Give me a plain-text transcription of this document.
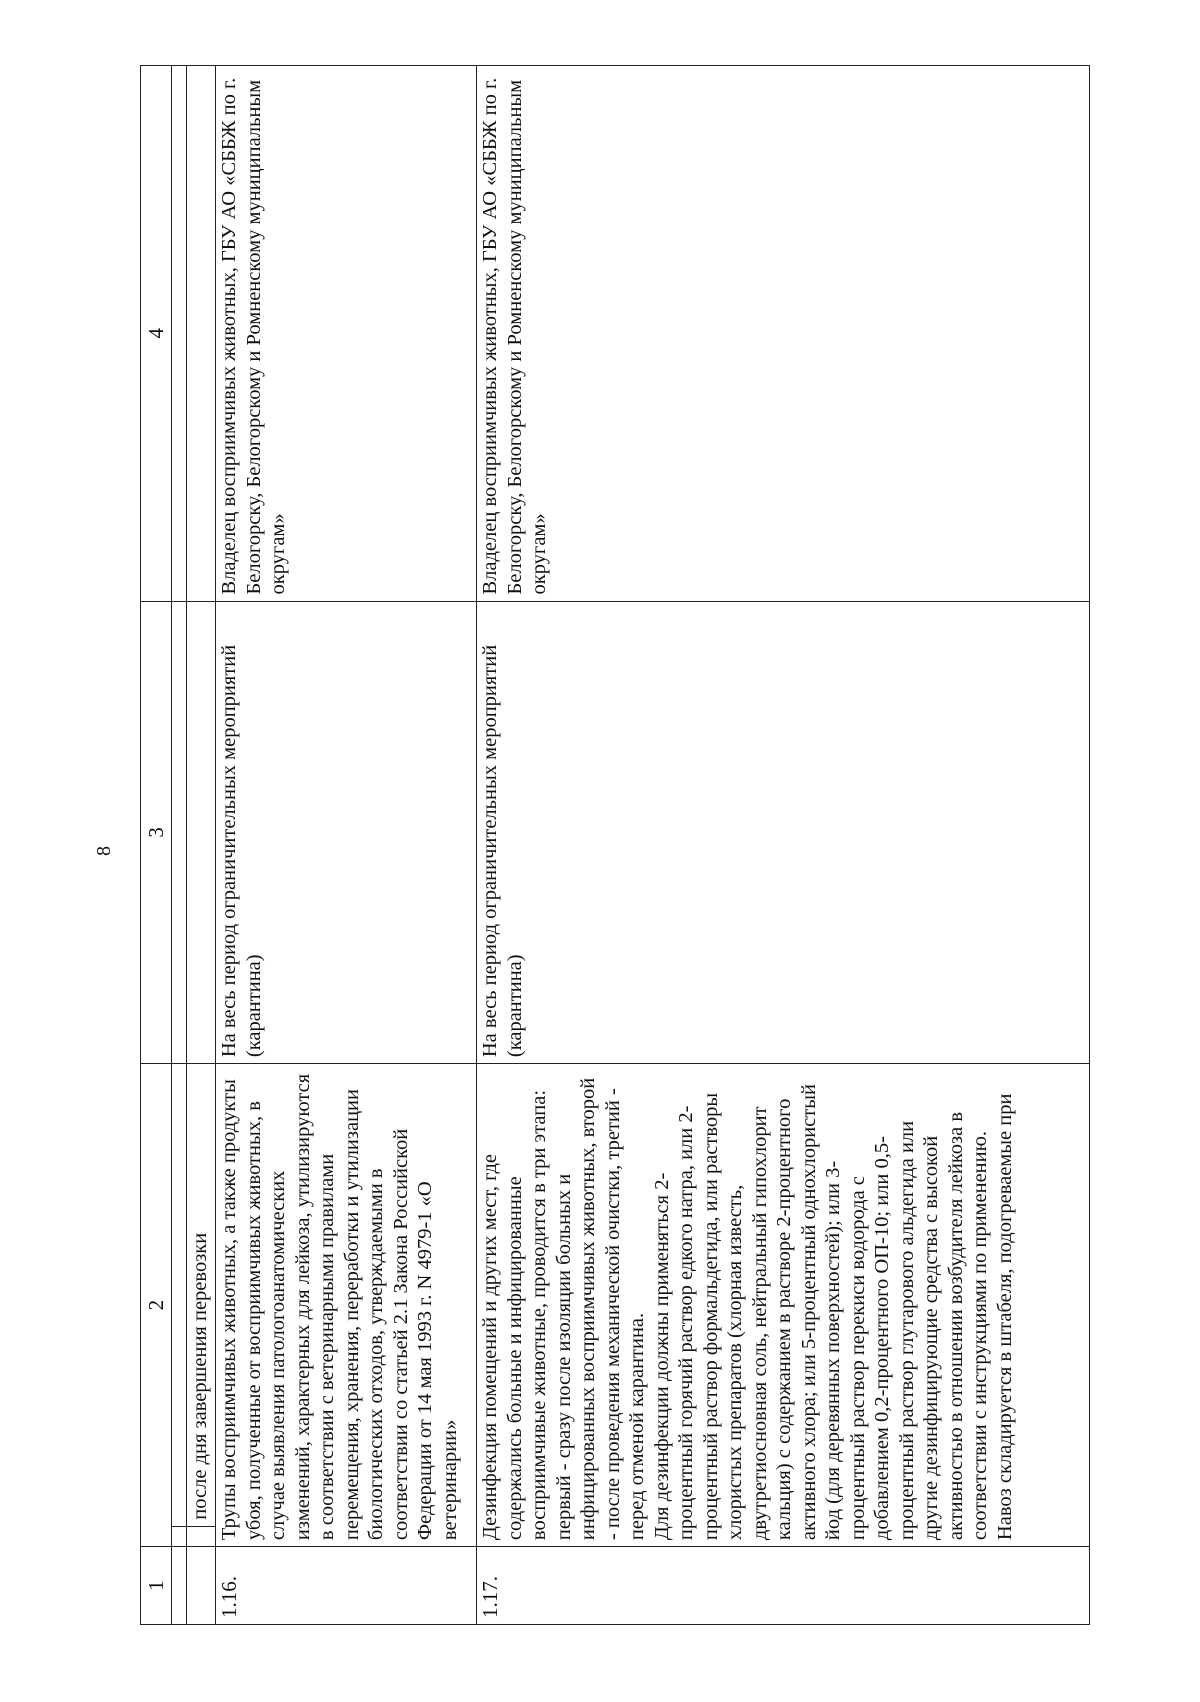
8
1	2		3	4

		после дня завершения перевозки		
1.16.	Трупы восприимчивых животных, а также продукты убоя, полученные от восприимчивых животных, в случае выявления патологоанатомических изменений, характерных для лейкоза, утилизируются в соответствии с ветеринарными правилами перемещения, хранения, переработки и утилизации биологических отходов, утверждаемыми в соответствии со статьей 2.1 Закона Российской Федерации от 14 мая 1993 г. N 4979-1 «О ветеринарии»		На весь период ограничительных мероприятий (карантина)	Владелец восприимчивых животных, ГБУ АО «СББЖ по г. Белогорску, Белогорскому и Ромненскому муниципальным округам»
1.17.	Дезинфекция помещений и других мест, где содержались больные и инфицированные восприимчивые животные, проводится в три этапа: первый - сразу после изоляции больных и инфицированных восприимчивых животных, второй - после проведения механической очистки, третий - перед отменой карантина. Для дезинфекции должны применяться 2-процентный горячий раствор едкого натра, или 2-процентный раствор формальдегида, или растворы хлористых препаратов (хлорная известь, двутретиосновная соль, нейтральный гипохлорит кальция) с содержанием в растворе 2-процентного активного хлора; или 5-процентный однохлористый йод (для деревянных поверхностей); или 3-процентный раствор перекиси водорода с добавлением 0,2-процентного ОП-10; или 0,5-процентный раствор глутарового альдегида или другие дезинфицирующие средства с высокой активностью в отношении возбудителя лейкоза в соответствии с инструкциями по применению. Навоз складируется в штабеля, подогреваемые при		На весь период ограничительных мероприятий (карантина)	Владелец восприимчивых животных, ГБУ АО «СББЖ по г. Белогорску, Белогорскому и Ромненскому муниципальным округам»
